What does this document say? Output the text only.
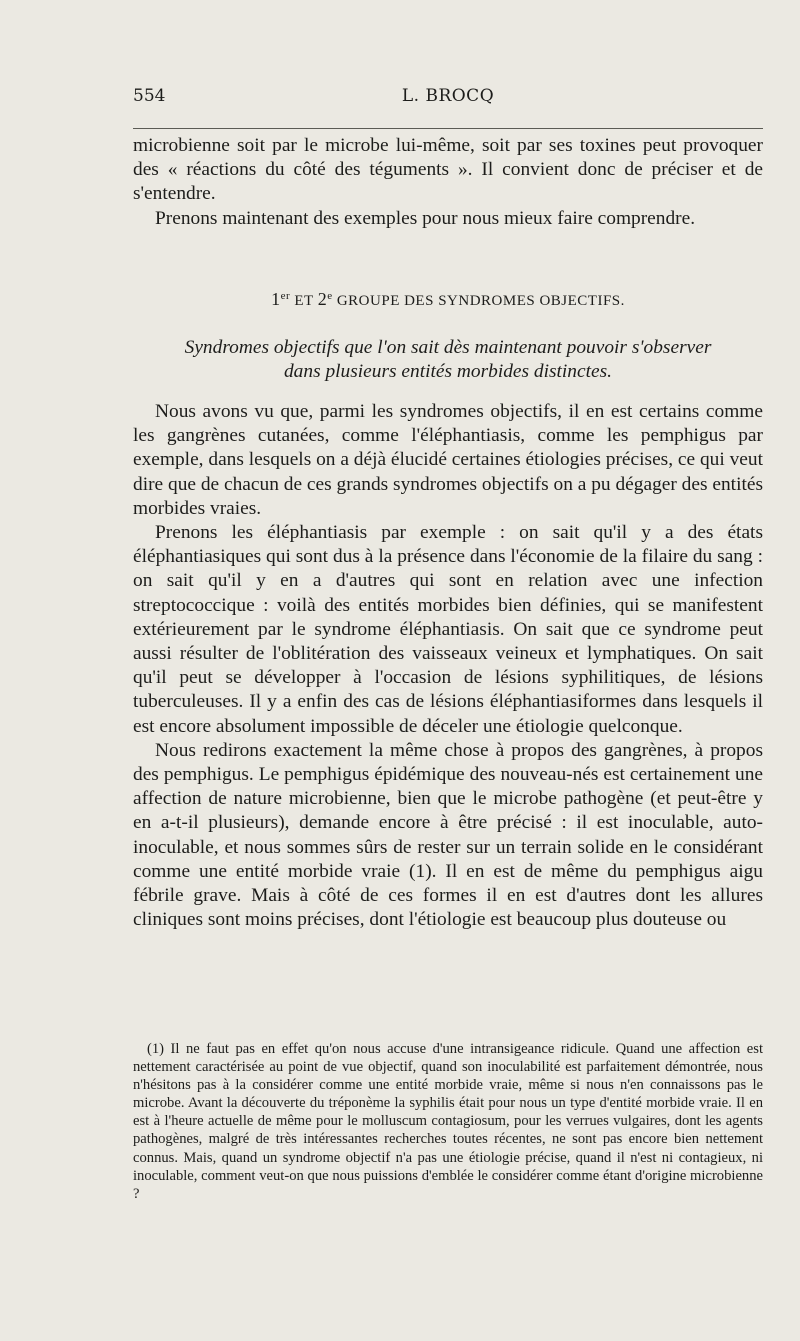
554	L. BROCQ

microbienne soit par le microbe lui-même, soit par ses toxines peut provoquer des « réactions du côté des téguments ». Il convient donc de préciser et de s'entendre.

Prenons maintenant des exemples pour nous mieux faire comprendre.

1er ET 2e GROUPE DES SYNDROMES OBJECTIFS.

Syndromes objectifs que l'on sait dès maintenant pouvoir s'observer

dans plusieurs entités morbides distinctes.

Nous avons vu que, parmi les syndromes objectifs, il en est certains comme les gangrènes cutanées, comme l'éléphantiasis, comme les pemphigus par exemple, dans lesquels on a déjà élucidé certaines étiologies précises, ce qui veut dire que de chacun de ces grands syndromes objectifs on a pu dégager des entités morbides vraies.

Prenons les éléphantiasis par exemple : on sait qu'il y a des états éléphantiasiques qui sont dus à la présence dans l'économie de la filaire du sang : on sait qu'il y en a d'autres qui sont en relation avec une infection streptococcique : voilà des entités morbides bien définies, qui se manifestent extérieurement par le syndrome éléphantiasis. On sait que ce syndrome peut aussi résulter de l'oblitération des vaisseaux veineux et lymphatiques. On sait qu'il peut se développer à l'occasion de lésions syphilitiques, de lésions tuberculeuses. Il y a enfin des cas de lésions éléphantiasiformes dans lesquels il est encore absolument impossible de déceler une étiologie quelconque.

Nous redirons exactement la même chose à propos des gangrènes, à propos des pemphigus. Le pemphigus épidémique des nouveau-nés est certainement une affection de nature microbienne, bien que le microbe pathogène (et peut-être y en a-t-il plusieurs), demande encore à être précisé : il est inoculable, auto-inoculable, et nous sommes sûrs de rester sur un terrain solide en le considérant comme une entité morbide vraie (1). Il en est de même du pemphigus aigu fébrile grave. Mais à côté de ces formes il en est d'autres dont les allures cliniques sont moins précises, dont l'étiologie est beaucoup plus douteuse ou

(1) Il ne faut pas en effet qu'on nous accuse d'une intransigeance ridicule. Quand une affection est nettement caractérisée au point de vue objectif, quand son inoculabilité est parfaitement démontrée, nous n'hésitons pas à la considérer comme une entité morbide vraie, même si nous n'en connaissons pas le microbe. Avant la découverte du tréponème la syphilis était pour nous un type d'entité morbide vraie. Il en est à l'heure actuelle de même pour le molluscum contagiosum, pour les verrues vulgaires, dont les agents pathogènes, malgré de très intéressantes recherches toutes récentes, ne sont pas encore bien nettement connus. Mais, quand un syndrome objectif n'a pas une étiologie précise, quand il n'est ni contagieux, ni inoculable, comment veut-on que nous puissions d'emblée le considérer comme étant d'origine microbienne ?
